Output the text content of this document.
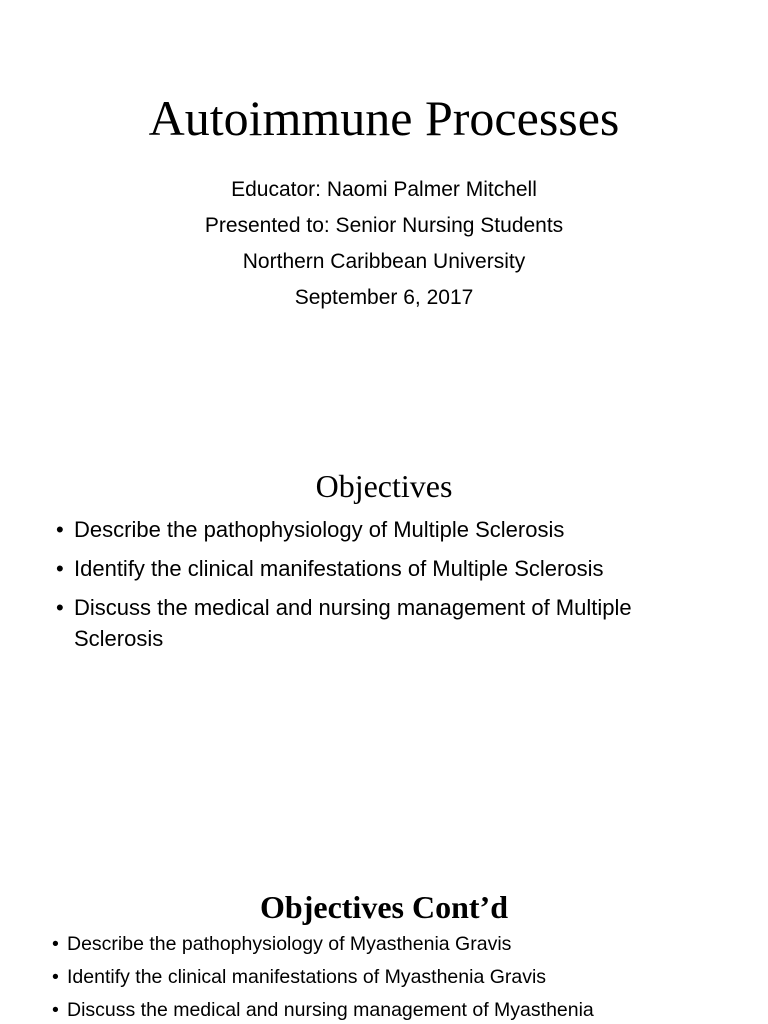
Autoimmune Processes
Educator: Naomi Palmer Mitchell
Presented to: Senior Nursing Students
Northern Caribbean University
September 6, 2017
Objectives
• Describe the pathophysiology of Multiple Sclerosis
• Identify the clinical manifestations of Multiple Sclerosis
• Discuss the medical and nursing management of Multiple Sclerosis
Objectives Cont’d
• Describe the pathophysiology of Myasthenia Gravis
• Identify the clinical manifestations of Myasthenia Gravis
• Discuss the medical and nursing management of Myasthenia
